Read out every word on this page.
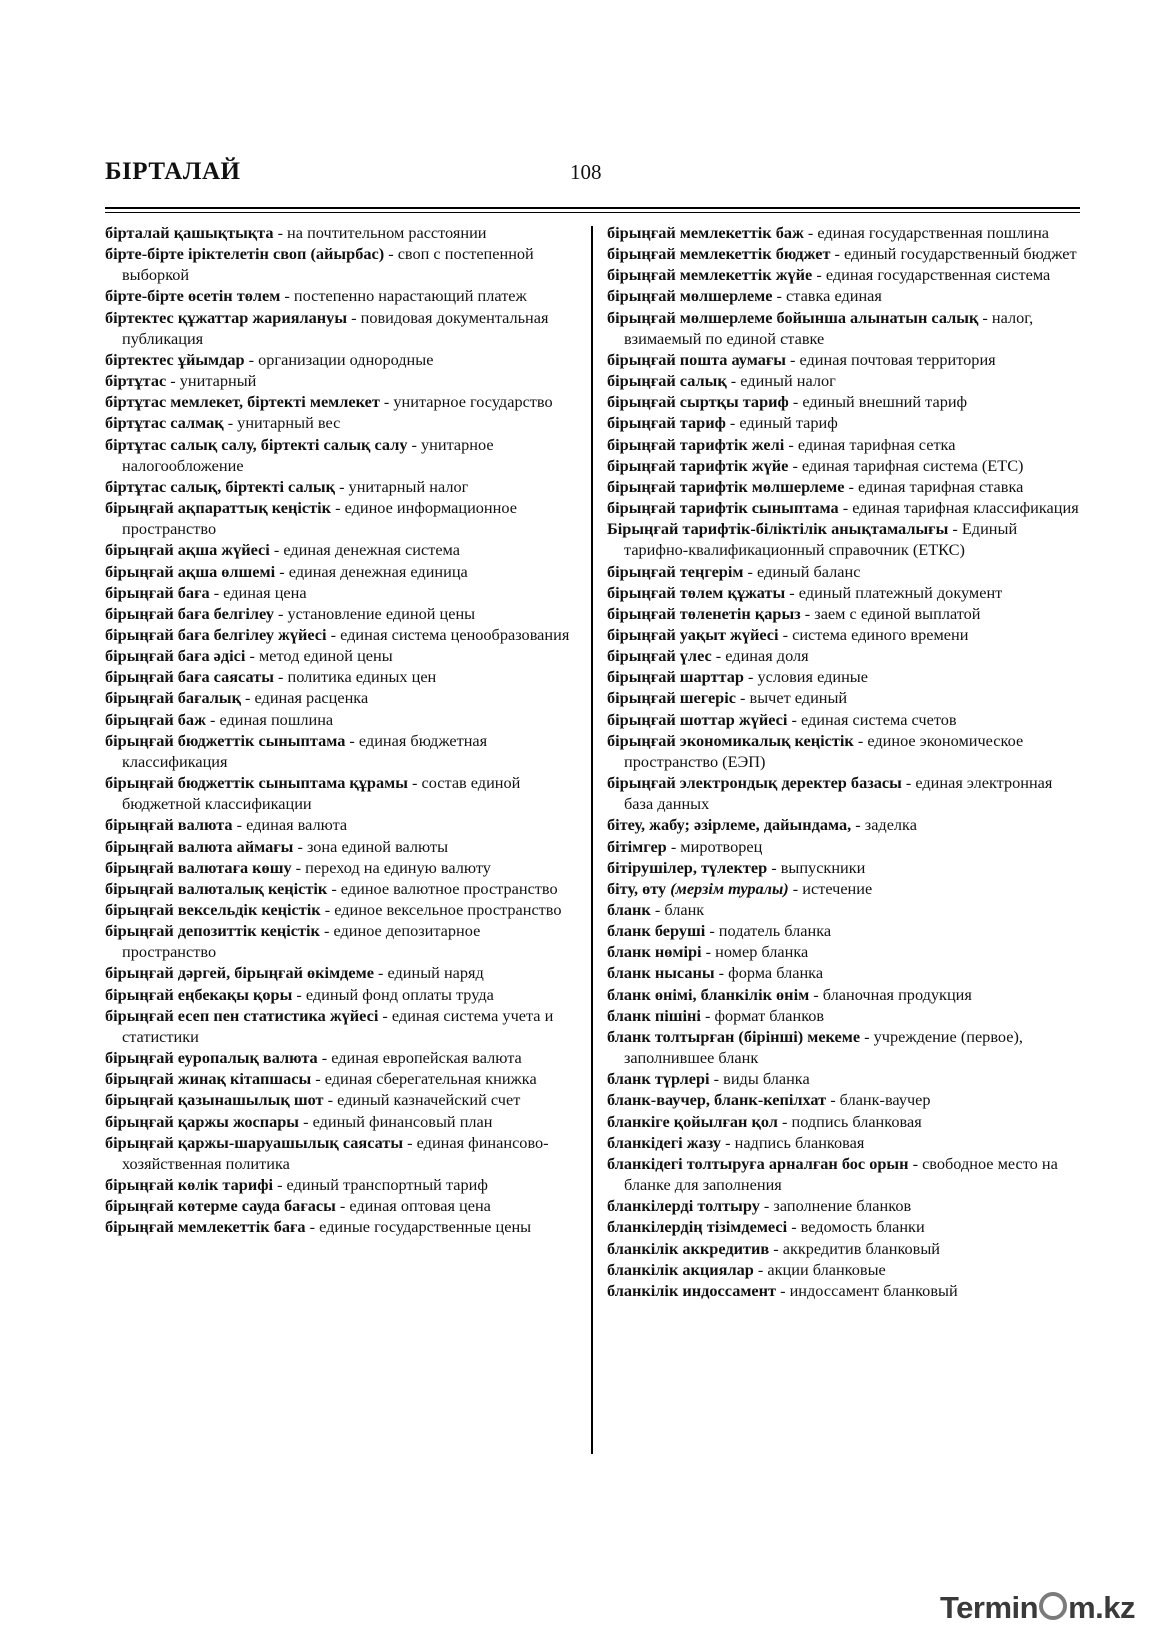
БІРТАЛАЙ	108
бірталай қашықтықта - на почтительном расстоянии
бірте-бірте іріктелетін своп (айырбас) - своп с постепенной выборкой
бірте-бірте өсетін төлем - постепенно нарастающий платеж
біртектес құжаттар жариялануы - повидовая документальная публикация
біртектес ұйымдар - организации однородные
біртұтас - унитарный
біртұтас мемлекет, біртекті мемлекет - унитарное государство
біртұтас салмақ - унитарный вес
біртұтас салық салу, біртекті салық салу - унитарное налогообложение
біртұтас салық, біртекті салық - унитарный налог
бірыңғай ақпараттық кеңістік - единое информационное пространство
бірыңғай ақша жүйесі - единая денежная система
бірыңғай ақша өлшемі - единая денежная единица
бірыңғай баға - единая цена
бірыңғай баға белгілеу - установление единой цены
бірыңғай баға белгілеу жүйесі - единая система ценообразования
бірыңғай баға әдісі - метод единой цены
бірыңғай баға саясаты - политика единых цен
бірыңғай бағалық - единая расценка
бірыңғай баж - единая пошлина
бірыңғай бюджеттік сыныптама - единая бюджетная классификация
бірыңғай бюджеттік сыныптама құрамы - состав единой бюджетной классификации
бірыңғай валюта - единая валюта
бірыңғай валюта аймағы - зона единой валюты
бірыңғай валютаға көшу - переход на единую валюту
бірыңғай валюталық кеңістік - единое валютное пространство
бірыңғай вексельдік кеңістік - единое вексельное пространство
бірыңғай депозиттік кеңістік - единое депозитарное пространство
бірыңғай дәргей, бірыңғай өкімдеме - единый наряд
бірыңғай еңбекақы қоры - единый фонд оплаты труда
бірыңғай есеп пен статистика жүйесі - единая система учета и статистики
бірыңғай еуропалық валюта - единая европейская валюта
бірыңғай жинақ кітапшасы - единая сберегательная книжка
бірыңғай қазынашылық шот - единый казначейский счет
бірыңғай қаржы жоспары - единый финансовый план
бірыңғай қаржы-шаруашылық саясаты - единая финансово-хозяйственная политика
бірыңғай көлік тарифі - единый транспортный тариф
бірыңғай көтерме сауда бағасы - единая оптовая цена
бірыңғай мемлекеттік баға - единые государственные цены
бірыңғай мемлекеттік баж - единая государственная пошлина
бірыңғай мемлекеттік бюджет - единый государственный бюджет
бірыңғай мемлекеттік жүйе - единая государственная система
бірыңғай мөлшерлеме - ставка единая
бірыңғай мөлшерлеме бойынша алынатын салық - налог, взимаемый по единой ставке
бірыңғай пошта аумағы - единая почтовая территория
бірыңғай салық - единый налог
бірыңғай сыртқы тариф - единый внешний тариф
бірыңғай тариф - единый тариф
бірыңғай тарифтік желі - единая тарифная сетка
бірыңғай тарифтік жүйе - единая тарифная система (ЕТС)
бірыңғай тарифтік мөлшерлеме - единая тарифная ставка
бірыңғай тарифтік сыныптама - единая тарифная классификация
Бірыңғай тарифтік-біліктілік анықтамалығы - Единый тарифно-квалификационный справочник (ЕТКС)
бірыңғай теңгерім - единый баланс
бірыңғай төлем құжаты - единый платежный документ
бірыңғай төленетін қарыз - заем с единой выплатой
бірыңғай уақыт жүйесі - система единого времени
бірыңғай үлес - единая доля
бірыңғай шарттар - условия единые
бірыңғай шегеріс - вычет единый
бірыңғай шоттар жүйесі - единая система счетов
бірыңғай экономикалық кеңістік - единое экономическое пространство (ЕЭП)
бірыңғай электрондық деректер базасы - единая электронная база данных
бітеу, жабу; әзірлеме, дайындама, - заделка
бітімгер - миротворец
бітірушілер, түлектер - выпускники
біту, өту (мерзім туралы) - истечение
бланк - бланк
бланк беруші - податель бланка
бланк нөмірі - номер бланка
бланк нысаны - форма бланка
бланк өнімі, бланкілік өнім - бланочная продукция
бланк пішіні - формат бланков
бланк толтырған (бірінші) мекеме - учреждение (первое), заполнившее бланк
бланк түрлері - виды бланка
бланк-ваучер, бланк-кепілхат - бланк-ваучер
бланкіге қойылған қол - подпись бланковая
бланкідегі жазу - надпись бланковая
бланкідегі толтыруға арналған бос орын - свободное место на бланке для заполнения
бланкілерді толтыру - заполнение бланков
бланкілердің тізімдемесі - ведомость бланки
бланкілік аккредитив - аккредитив бланковый
бланкілік акциялар - акции бланковые
бланкілік индоссамент - индоссамент бланковый
Termin m.kz
